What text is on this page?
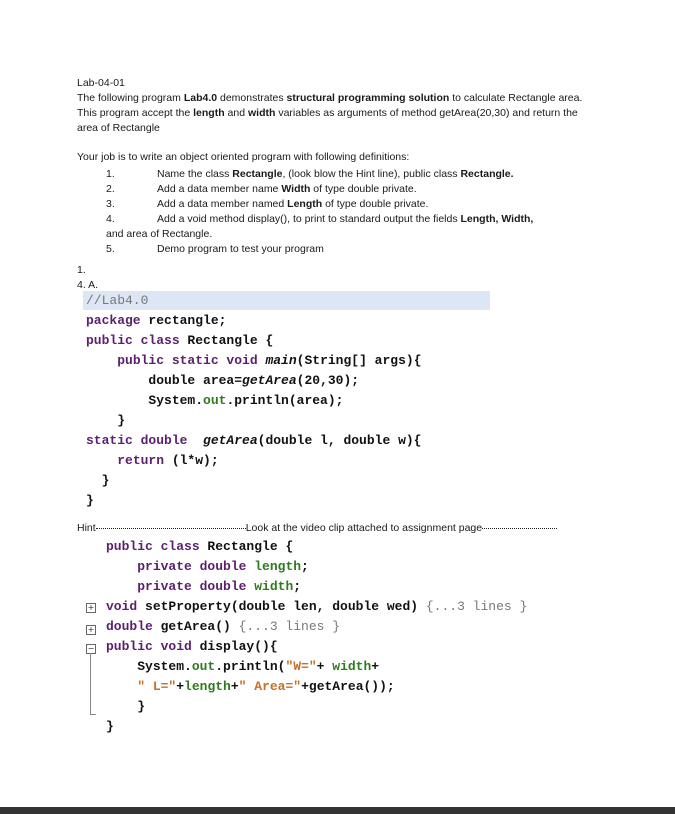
Lab-04-01

The following program Lab4.0 demonstrates structural programming solution to calculate Rectangle area. This program accept the length and width variables as arguments of method getArea(20,30) and return the area of Rectangle

Your job is to write an object oriented program with following definitions:

1.	Name the class Rectangle, (look blow the Hint line), public class Rectangle.
2.	Add a data member name Width of type double private.
3.	Add a data member named Length of type double private.
4.	Add a void method display(), to print to standard output the fields Length, Width,
and area of Rectangle.
5.	Demo program to test your program
1.
4. A.
//Lab4.0
package rectangle;
public class Rectangle {
public static void main(String[] args){
double area=getArea(20,30);
System.out.println(area);
}
static double  getArea(double l, double w){
return (l*w);
}
}
Hint	Look at the video clip attached to assignment page
+
+
−
public class Rectangle {
private double length;
private double width;
void setProperty(double len, double wed) {...3 lines }
double getArea() {...3 lines }
public void display(){
System.out.println("W="+ width+
" L="+length+" Area="+getArea());
}
}
